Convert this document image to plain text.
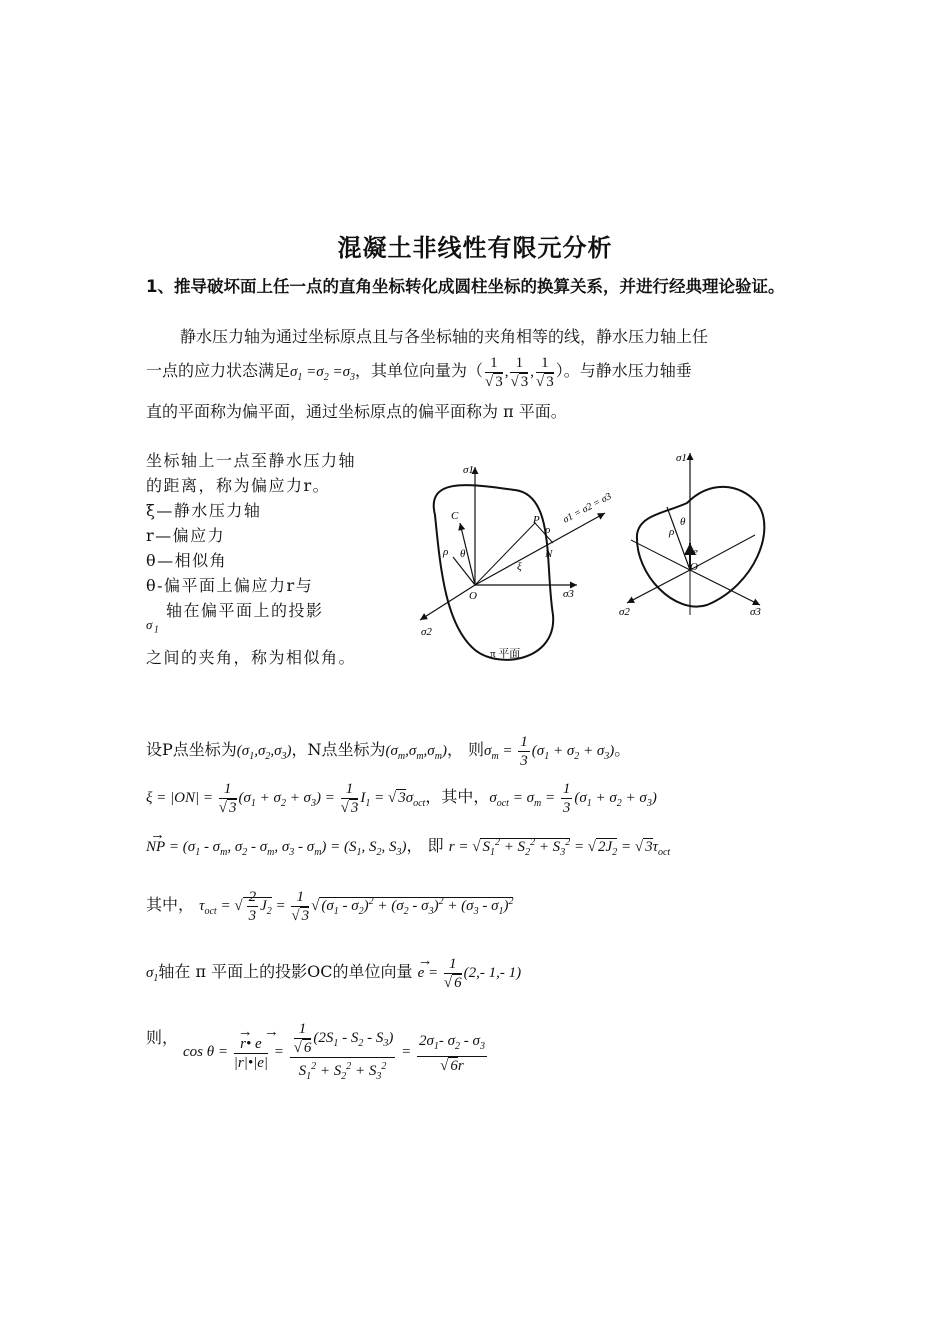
混凝土非线性有限元分析
1、推导破坏面上任一点的直角坐标转化成圆柱坐标的换算关系，并进行经典理论验证。
静水压力轴为通过坐标原点且与各坐标轴的夹角相等的线，静水压力轴上任
一点的应力状态满足$\sigma_1 =\sigma_2 =\sigma_3$，其单位向量为（ $\frac{1}{√ 3}$ , $\frac{1}{√ 3}$ , $\frac{1}{√ 3}$ ）。与静水压力轴垂
直的平面称为偏平面，通过坐标原点的偏平面称为 π 平面。
坐标轴上一点至静水压力轴的距离，称为偏应力r。
ξ—静水压力轴
r—偏应力
θ—相似角
θ-偏平面上偏应力r与
$\sigma_1$
轴在偏平面上的投影
之间的夹角，称为相似角。
σ1
σ2
σ3
C	P
N
O
ρ θ
ρ
ξ
σ1 = σ2 = σ3
π 平面
σ1
σ2	σ3
ρ
θ
e
O
设P点坐标为$(\sigma_1,\sigma_2,\sigma_3)$，N点坐标为$(\sigma_m,\sigma_m,\sigma_m)$， 则$\sigma_m = \frac{1}{3} (\sigma_1 + \sigma_2 + \sigma_3)$。
$\xi = |ON| = \frac{1}{√ 3} (\sigma_1 + \sigma_2 + \sigma_3) = \frac{1}{√ 3} I_1$ = √ $3\sigma_{oct}$，其中，$\sigma_{oct} = \sigma_m = \frac{1}{3} (\sigma_1 + \sigma_2 + \sigma_3)$
→
NP = ($\sigma_1 - \sigma_m$, $\sigma_2 - \sigma_m$, $\sigma_3 - \sigma_m) = (S_1$, $S_2$, $S_3$)， 即 r = √ $S_1^2 + S_2^2 + S_3^2$ = √ $2J_2$ = √ $3\tau_{oct}$
其中， $\tau_{oct}$ = √ $\frac{2}{3} J_2 = \frac{1}{√ 3}$ √ $(\sigma_1 - \sigma_2)^2 + (\sigma_2 - \sigma_3)^2 + (\sigma_3 - \sigma_1)^2$
$\sigma_1$轴在 π 平面上的投影OC的单位向量
→
$e = \frac{1}{√ 6} (2,-$ 1,- 1)
则，
cos θ = →   →
r• e
|r|•|e| = $\frac{\frac{1}{√ 6} (2S_1 - S_2 - S_3)}{S_1^2 + S_2^2 + S_3^2} = \frac{2\sigma_1- \sigma_2 - \sigma_3}{√ 6r}$
